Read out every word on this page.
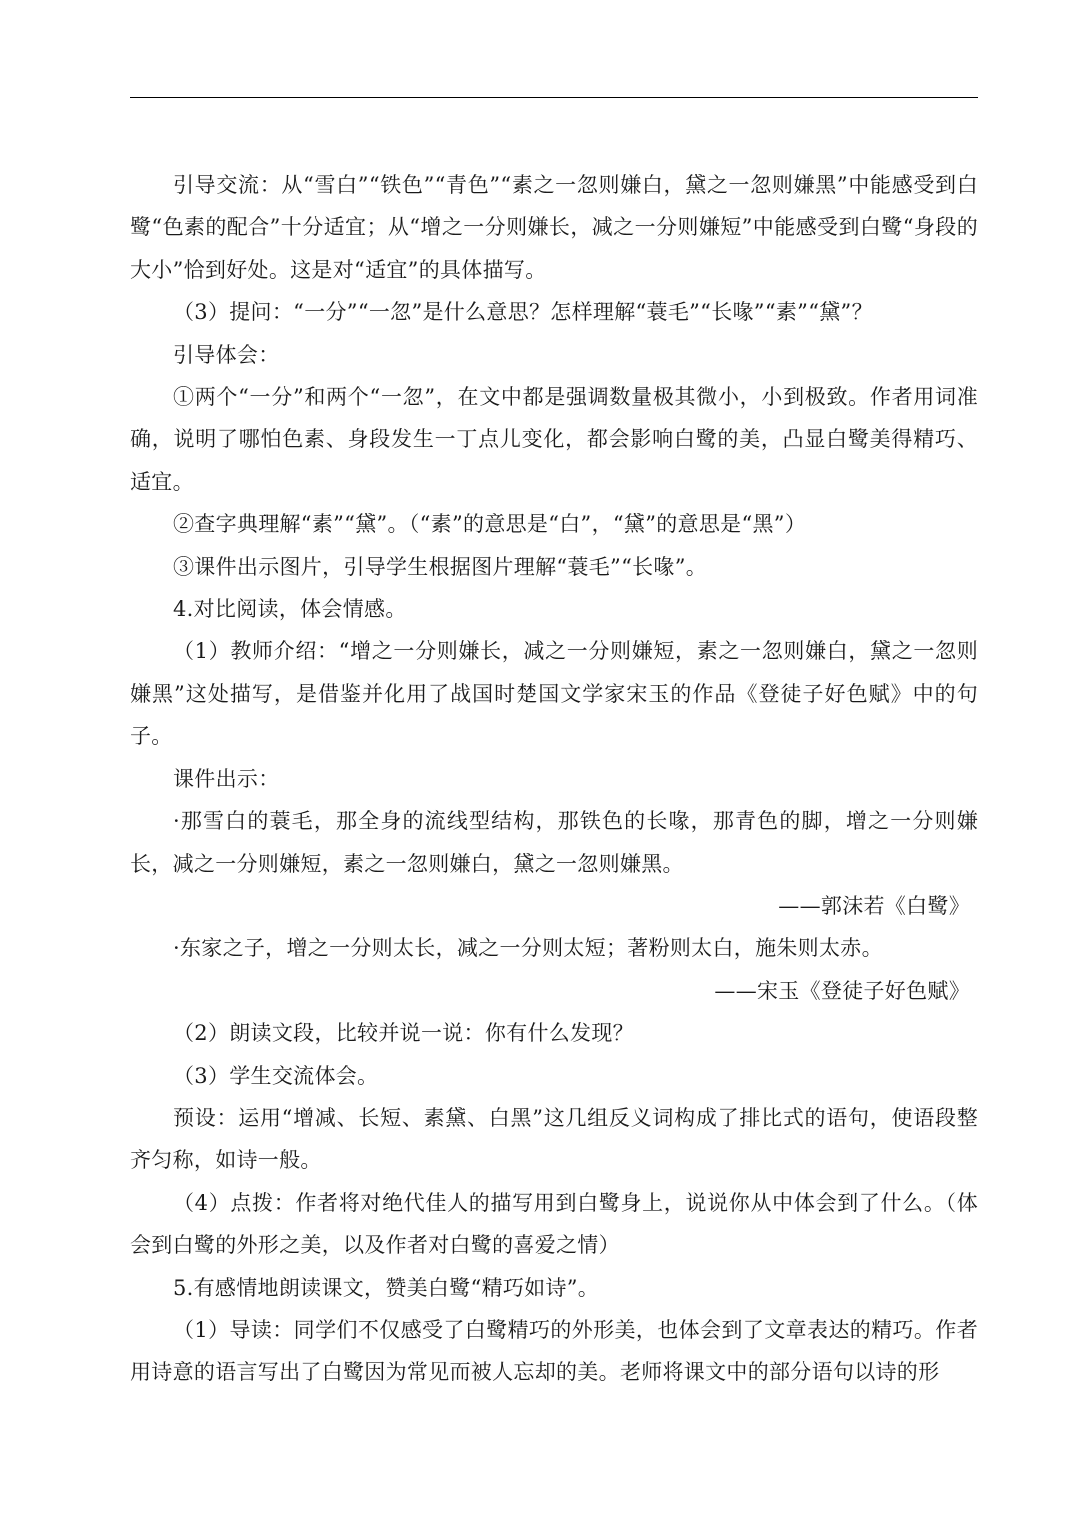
引导交流：从“雪白”“铁色”“青色”“素之一忽则嫌白，黛之一忽则嫌黑”中能感受到白鹭“色素的配合”十分适宜；从“增之一分则嫌长，减之一分则嫌短”中能感受到白鹭“身段的大小”恰到好处。这是对“适宜”的具体描写。

（3）提问：“一分”“一忽”是什么意思？怎样理解“蓑毛”“长喙”“素”“黛”？

引导体会：

①两个“一分”和两个“一忽”，在文中都是强调数量极其微小，小到极致。作者用词准确，说明了哪怕色素、身段发生一丁点儿变化，都会影响白鹭的美，凸显白鹭美得精巧、适宜。

②查字典理解“素”“黛”。（“素”的意思是“白”，“黛”的意思是“黑”）

③课件出示图片，引导学生根据图片理解“蓑毛”“长喙”。

4.对比阅读，体会情感。

（1）教师介绍：“增之一分则嫌长，减之一分则嫌短，素之一忽则嫌白，黛之一忽则嫌黑”这处描写，是借鉴并化用了战国时楚国文学家宋玉的作品《登徒子好色赋》中的句子。

课件出示：

·那雪白的蓑毛，那全身的流线型结构，那铁色的长喙，那青色的脚，增之一分则嫌长，减之一分则嫌短，素之一忽则嫌白，黛之一忽则嫌黑。

——郭沫若《白鹭》

·东家之子，增之一分则太长，减之一分则太短；著粉则太白，施朱则太赤。

——宋玉《登徒子好色赋》

（2）朗读文段，比较并说一说：你有什么发现？

（3）学生交流体会。

预设：运用“增减、长短、素黛、白黑”这几组反义词构成了排比式的语句，使语段整齐匀称，如诗一般。

（4）点拨：作者将对绝代佳人的描写用到白鹭身上，说说你从中体会到了什么。（体会到白鹭的外形之美，以及作者对白鹭的喜爱之情）

5.有感情地朗读课文，赞美白鹭“精巧如诗”。

（1）导读：同学们不仅感受了白鹭精巧的外形美，也体会到了文章表达的精巧。作者用诗意的语言写出了白鹭因为常见而被人忘却的美。老师将课文中的部分语句以诗的形
